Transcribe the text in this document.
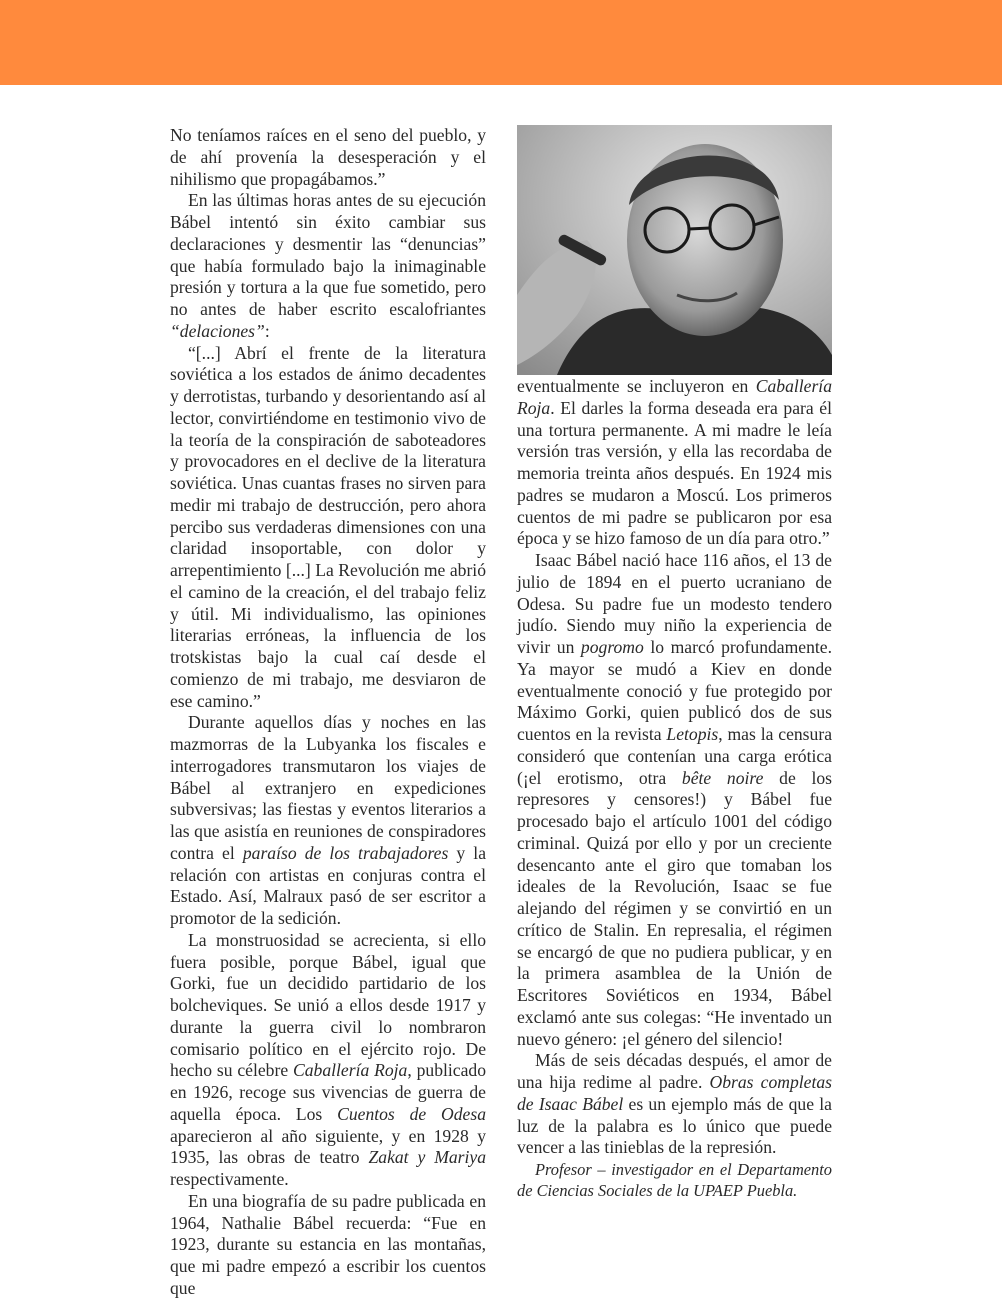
No teníamos raíces en el seno del pueblo, y de ahí provenía la desesperación y el nihilismo que propagábamos.”

En las últimas horas antes de su ejecución Bábel intentó sin éxito cambiar sus declaraciones y desmentir las “denuncias” que había formulado bajo la inimaginable presión y tortura a la que fue sometido, pero no antes de haber escrito escalofriantes “delaciones”:

“[...] Abrí el frente de la literatura soviética a los estados de ánimo decadentes y derrotistas, turbando y desorientando así al lector, convirtiéndome en testimonio vivo de la teoría de la conspiración de saboteadores y provocadores en el declive de la literatura soviética. Unas cuantas frases no sirven para medir mi trabajo de destrucción, pero ahora percibo sus verdaderas dimensiones con una claridad insoportable, con dolor y arrepentimiento [...] La Revolución me abrió el camino de la creación, el del trabajo feliz y útil. Mi individualismo, las opiniones literarias erróneas, la influencia de los trotskistas bajo la cual caí desde el comienzo de mi trabajo, me desviaron de ese camino.”

Durante aquellos días y noches en las mazmorras de la Lubyanka los fiscales e interrogadores transmutaron los viajes de Bábel al extranjero en expediciones subversivas; las fiestas y eventos literarios a las que asistía en reuniones de conspiradores contra el paraíso de los trabajadores y la relación con artistas en conjuras contra el Estado. Así, Malraux pasó de ser escritor a promotor de la sedición.

La monstruosidad se acrecienta, si ello fuera posible, porque Bábel, igual que Gorki, fue un decidido partidario de los bolcheviques. Se unió a ellos desde 1917 y durante la guerra civil lo nombraron comisario político en el ejército rojo. De hecho su célebre Caballería Roja, publicado en 1926, recoge sus vivencias de guerra de aquella época. Los Cuentos de Odesa aparecieron al año siguiente, y en 1928 y 1935, las obras de teatro Zakat y Mariya respectivamente.

En una biografía de su padre publicada en 1964, Nathalie Bábel recuerda: “Fue en 1923, durante su estancia en las montañas, que mi padre empezó a escribir los cuentos que

eventualmente se incluyeron en Caballería Roja. El darles la forma deseada era para él una tortura permanente. A mi madre le leía versión tras versión, y ella las recordaba de memoria treinta años después. En 1924 mis padres se mudaron a Moscú. Los primeros cuentos de mi padre se publicaron por esa época y se hizo famoso de un día para otro.”

Isaac Bábel nació hace 116 años, el 13 de julio de 1894 en el puerto ucraniano de Odesa. Su padre fue un modesto tendero judío. Siendo muy niño la experiencia de vivir un pogromo lo marcó profundamente. Ya mayor se mudó a Kiev en donde eventualmente conoció y fue protegido por Máximo Gorki, quien publicó dos de sus cuentos en la revista Letopis, mas la censura consideró que contenían una carga erótica (¡el erotismo, otra bête noire de los represores y censores!) y Bábel fue procesado bajo el artículo 1001 del código criminal. Quizá por ello y por un creciente desencanto ante el giro que tomaban los ideales de la Revolución, Isaac se fue alejando del régimen y se convirtió en un crítico de Stalin. En represalia, el régimen se encargó de que no pudiera publicar, y en la primera asamblea de la Unión de Escritores Soviéticos en 1934, Bábel exclamó ante sus colegas: “He inventado un nuevo género: ¡el género del silencio!

Más de seis décadas después, el amor de una hija redime al padre. Obras completas de Isaac Bábel es un ejemplo más de que la luz de la palabra es lo único que puede vencer a las tinieblas de la represión.

Profesor – investigador en el Departamento de Ciencias Sociales de la UPAEP Puebla.
